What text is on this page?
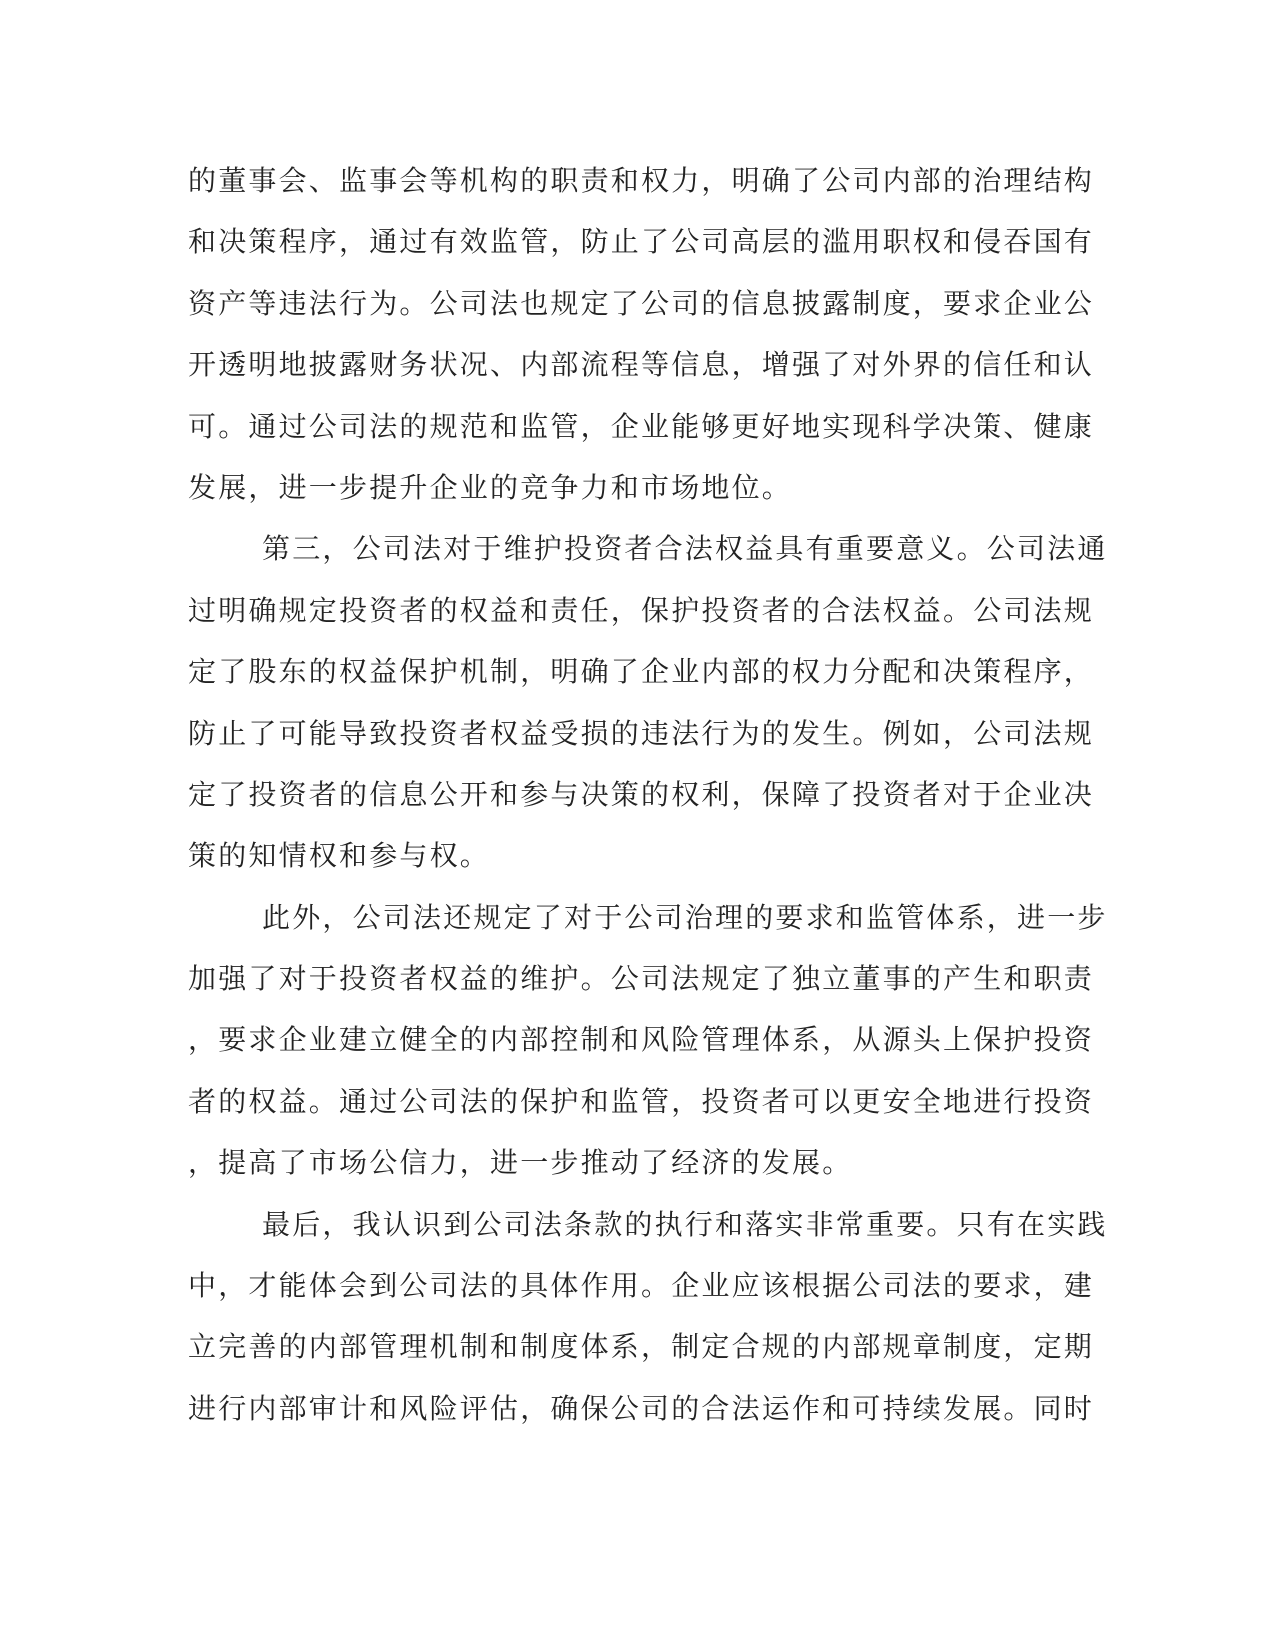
的董事会、监事会等机构的职责和权力，明确了公司内部的治理结构
和决策程序，通过有效监管，防止了公司高层的滥用职权和侵吞国有
资产等违法行为。公司法也规定了公司的信息披露制度，要求企业公
开透明地披露财务状况、内部流程等信息，增强了对外界的信任和认
可。通过公司法的规范和监管，企业能够更好地实现科学决策、健康
发展，进一步提升企业的竞争力和市场地位。
第三，公司法对于维护投资者合法权益具有重要意义。公司法通
过明确规定投资者的权益和责任，保护投资者的合法权益。公司法规
定了股东的权益保护机制，明确了企业内部的权力分配和决策程序，
防止了可能导致投资者权益受损的违法行为的发生。例如，公司法规
定了投资者的信息公开和参与决策的权利，保障了投资者对于企业决
策的知情权和参与权。
此外，公司法还规定了对于公司治理的要求和监管体系，进一步
加强了对于投资者权益的维护。公司法规定了独立董事的产生和职责
，要求企业建立健全的内部控制和风险管理体系，从源头上保护投资
者的权益。通过公司法的保护和监管，投资者可以更安全地进行投资
，提高了市场公信力，进一步推动了经济的发展。
最后，我认识到公司法条款的执行和落实非常重要。只有在实践
中，才能体会到公司法的具体作用。企业应该根据公司法的要求，建
立完善的内部管理机制和制度体系，制定合规的内部规章制度，定期
进行内部审计和风险评估，确保公司的合法运作和可持续发展。同时
